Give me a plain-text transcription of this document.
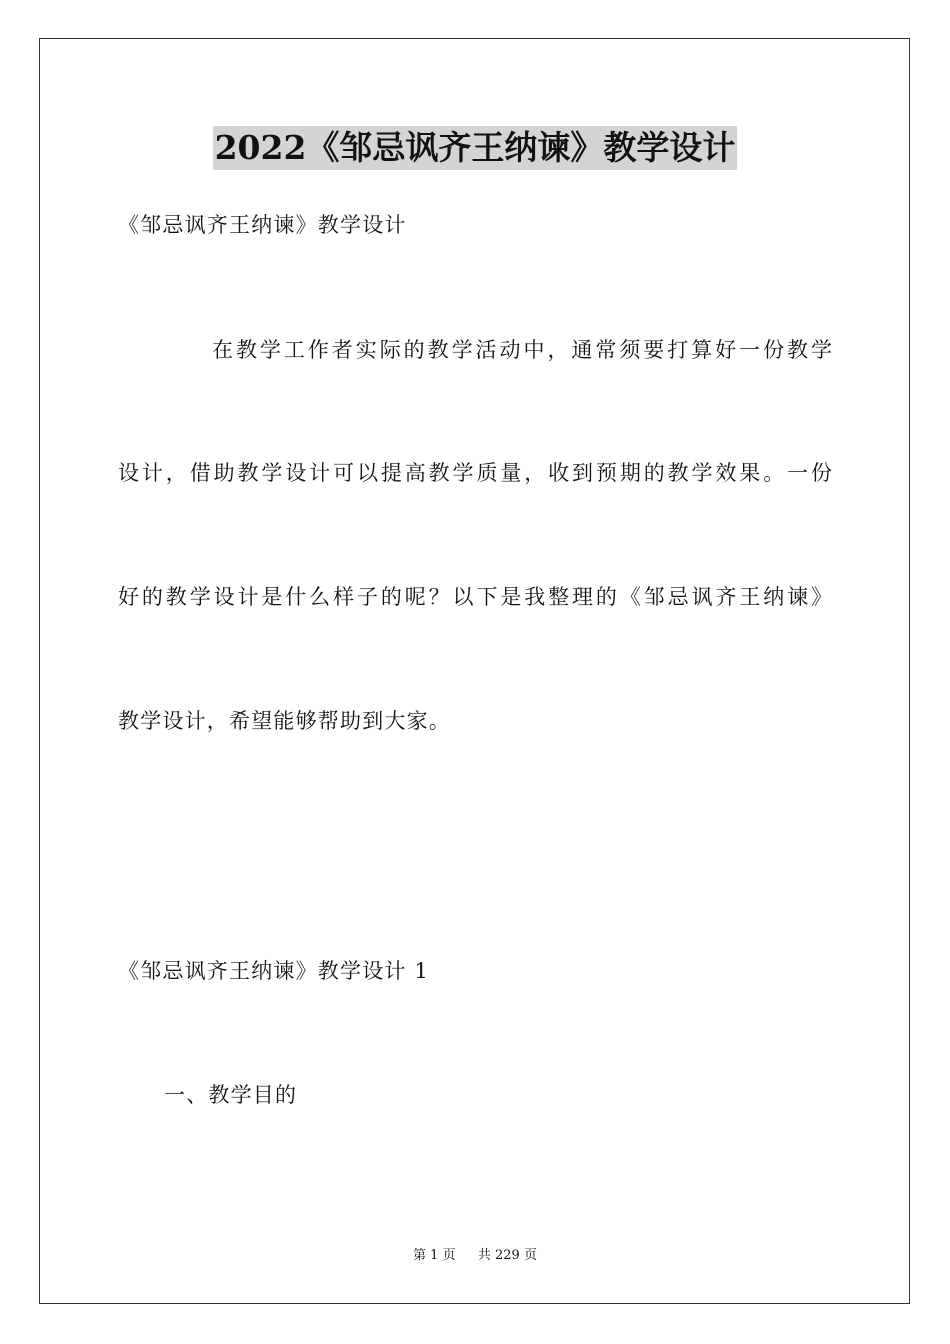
2022《邹忌讽齐王纳谏》教学设计

《邹忌讽齐王纳谏》教学设计

在教学工作者实际的教学活动中，通常须要打算好一份教学

设计，借助教学设计可以提高教学质量，收到预期的教学效果。一份

好的教学设计是什么样子的呢？以下是我整理的《邹忌讽齐王纳谏》

教学设计，希望能够帮助到大家。

《邹忌讽齐王纳谏》教学设计 1

一、教学目的

第 1 页 共 229 页
